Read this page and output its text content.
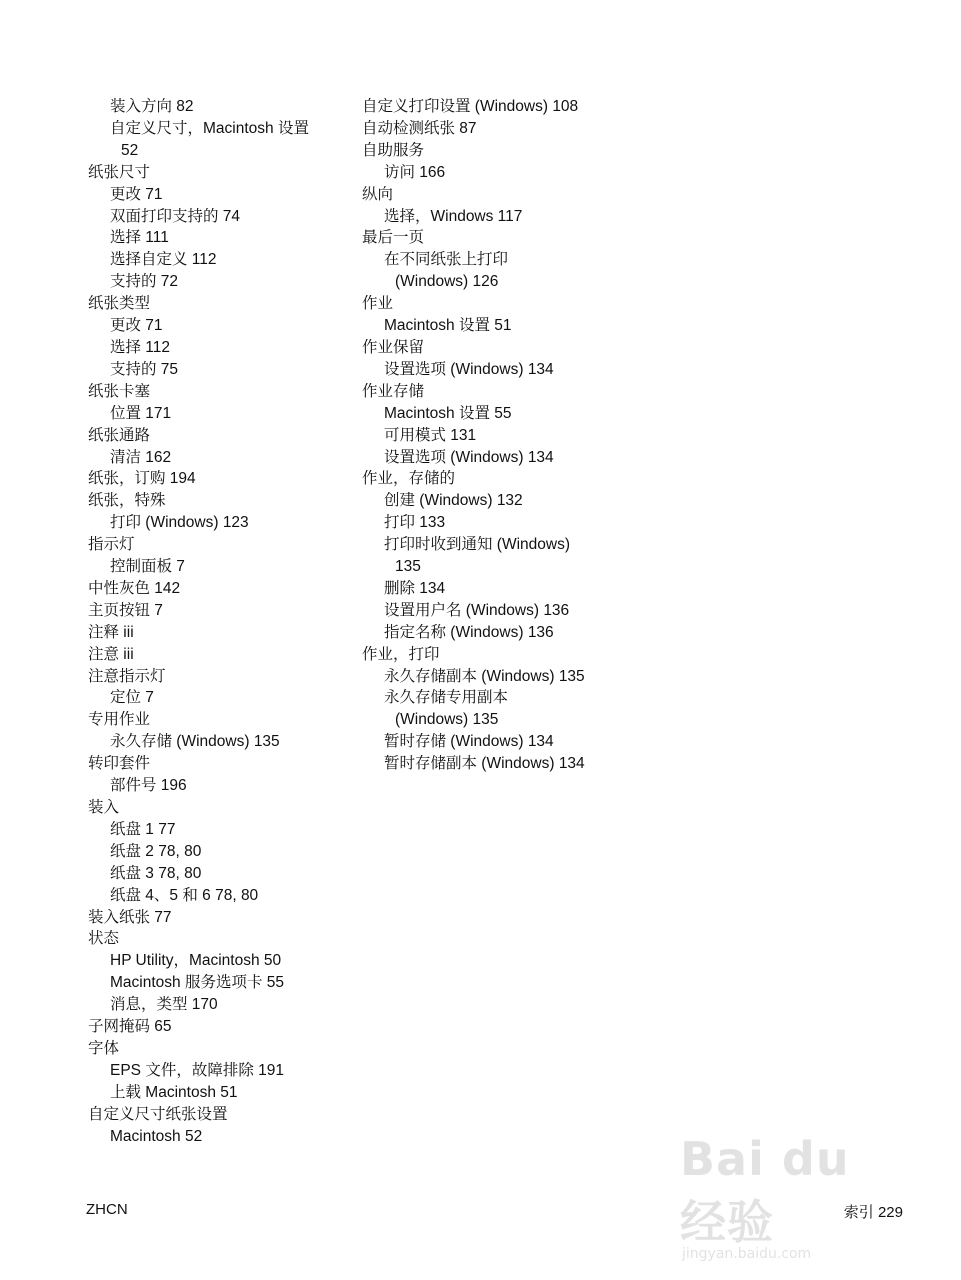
装入方向 82
自定义尺寸，Macintosh 设置
52
纸张尺寸
更改 71
双面打印支持的 74
选择 111
选择自定义 112
支持的 72
纸张类型
更改 71
选择 112
支持的 75
纸张卡塞
位置 171
纸张通路
清洁 162
纸张，订购 194
纸张，特殊
打印 (Windows) 123
指示灯
控制面板 7
中性灰色 142
主页按钮 7
注释 iii
注意 iii
注意指示灯
定位 7
专用作业
永久存储 (Windows) 135
转印套件
部件号 196
装入
纸盘 1 77
纸盘 2 78, 80
纸盘 3 78, 80
纸盘 4、5 和 6 78, 80
装入纸张 77
状态
HP Utility，Macintosh 50
Macintosh 服务选项卡 55
消息，类型 170
子网掩码 65
字体
EPS 文件，故障排除 191
上载 Macintosh 51
自定义尺寸纸张设置
Macintosh 52
自定义打印设置 (Windows) 108
自动检测纸张 87
自助服务
访问 166
纵向
选择，Windows 117
最后一页
在不同纸张上打印
(Windows) 126
作业
Macintosh 设置 51
作业保留
设置选项 (Windows) 134
作业存储
Macintosh 设置 55
可用模式 131
设置选项 (Windows) 134
作业，存储的
创建 (Windows) 132
打印 133
打印时收到通知 (Windows)
135
删除 134
设置用户名 (Windows) 136
指定名称 (Windows) 136
作业，打印
永久存储副本 (Windows) 135
永久存储专用副本
(Windows) 135
暂时存储 (Windows) 134
暂时存储副本 (Windows) 134
ZHCN	索引 229
Bai du 经验
jingyan.baidu.com
